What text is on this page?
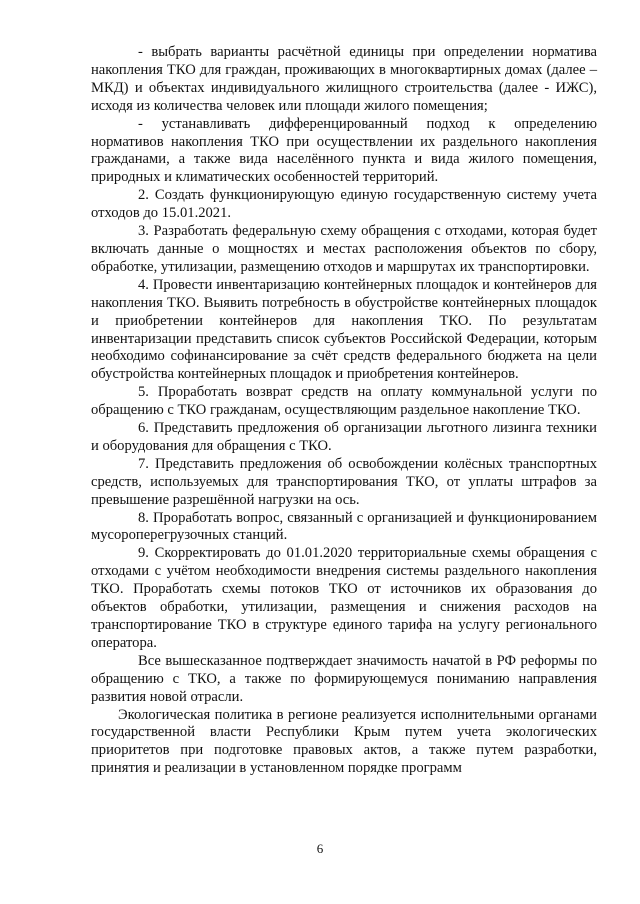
- выбрать варианты расчётной единицы при определении норматива накопления ТКО для граждан, проживающих в многоквартирных домах (далее – МКД) и объектах индивидуального жилищного строительства (далее - ИЖС), исходя из количества человек или площади жилого помещения;

- устанавливать дифференцированный подход к определению нормативов накопления ТКО при осуществлении их раздельного накопления гражданами, а также вида населённого пункта и вида жилого помещения, природных и климатических особенностей территорий.

2. Создать функционирующую единую государственную систему учета отходов до 15.01.2021.

3. Разработать федеральную схему обращения с отходами, которая будет включать данные о мощностях и местах расположения объектов по сбору, обработке, утилизации, размещению отходов и маршрутах их транспортировки.

4. Провести инвентаризацию контейнерных площадок и контейнеров для накопления ТКО. Выявить потребность в обустройстве контейнерных площадок и приобретении контейнеров для накопления ТКО. По результатам инвентаризации представить список субъектов Российской Федерации, которым необходимо софинансирование за счёт средств федерального бюджета на цели обустройства контейнерных площадок и приобретения контейнеров.

5. Проработать возврат средств на оплату коммунальной услуги по обращению с ТКО гражданам, осуществляющим раздельное накопление ТКО.

6. Представить предложения об организации льготного лизинга техники и оборудования для обращения с ТКО.

7. Представить предложения об освобождении колёсных транспортных средств, используемых для транспортирования ТКО, от уплаты штрафов за превышение разрешённой нагрузки на ось.

8. Проработать вопрос, связанный с организацией и функционированием мусороперегрузочных станций.

9. Скорректировать до 01.01.2020 территориальные схемы обращения с отходами с учётом необходимости внедрения системы раздельного накопления ТКО. Проработать схемы потоков ТКО от источников их образования до объектов обработки, утилизации, размещения и снижения расходов на транспортирование ТКО в структуре единого тарифа на услугу регионального оператора.

Все вышесказанное подтверждает значимость начатой в РФ реформы по обращению с ТКО, а также по формирующемуся пониманию направления развития новой отрасли.

Экологическая политика в регионе реализуется исполнительными органами государственной власти Республики Крым путем учета экологических приоритетов при подготовке правовых актов, а также путем разработки, принятия и реализации в установленном порядке программ

6
